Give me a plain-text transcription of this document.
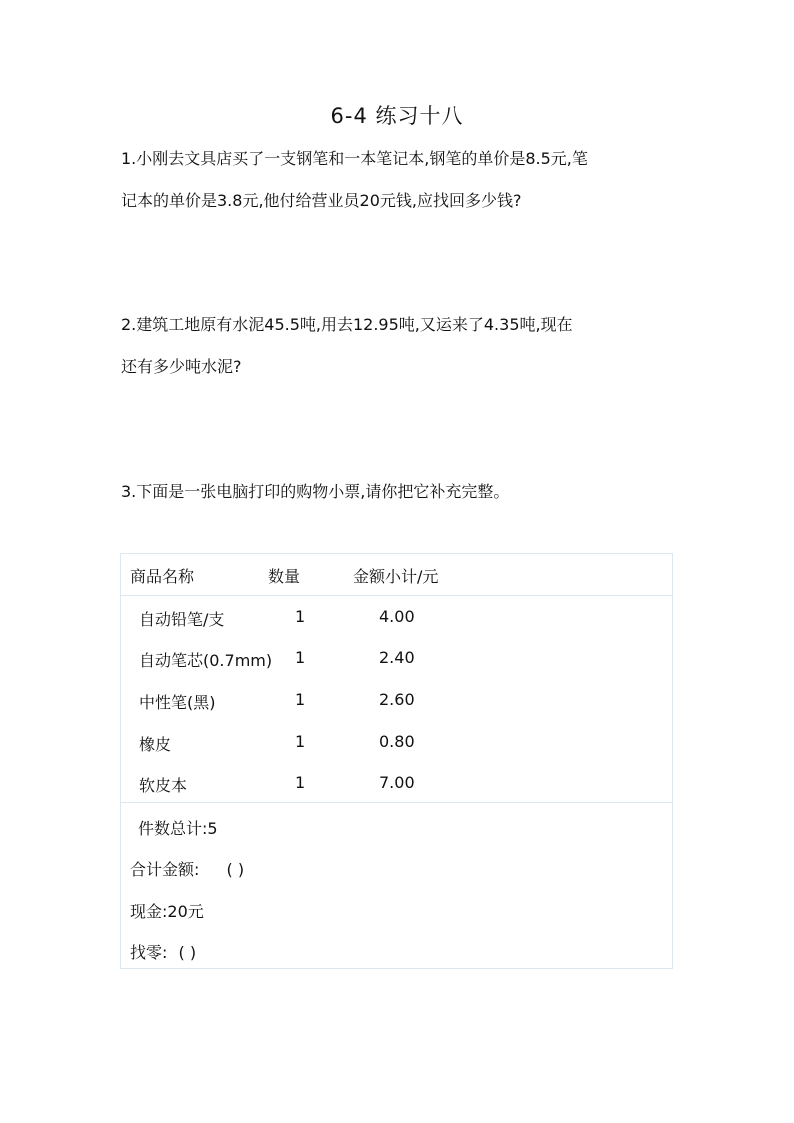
6-4 练习十八

1.小刚去文具店买了一支钢笔和一本笔记本,钢笔的单价是8.5元,笔
记本的单价是3.8元,他付给营业员20元钱,应找回多少钱?

2.建筑工地原有水泥45.5吨,用去12.95吨,又运来了4.35吨,现在
还有多少吨水泥?

3.下面是一张电脑打印的购物小票,请你把它补充完整。

商品名称	数量	金额小计/元
自动铅笔/支	1	4.00
自动笔芯(0.7mm) 1	2.40
中性笔(黑)	1	2.60
橡皮	1	0.80
软皮本	1	7.00
件数总计:5
合计金额: ( )
现金:20元
找零: ( )
